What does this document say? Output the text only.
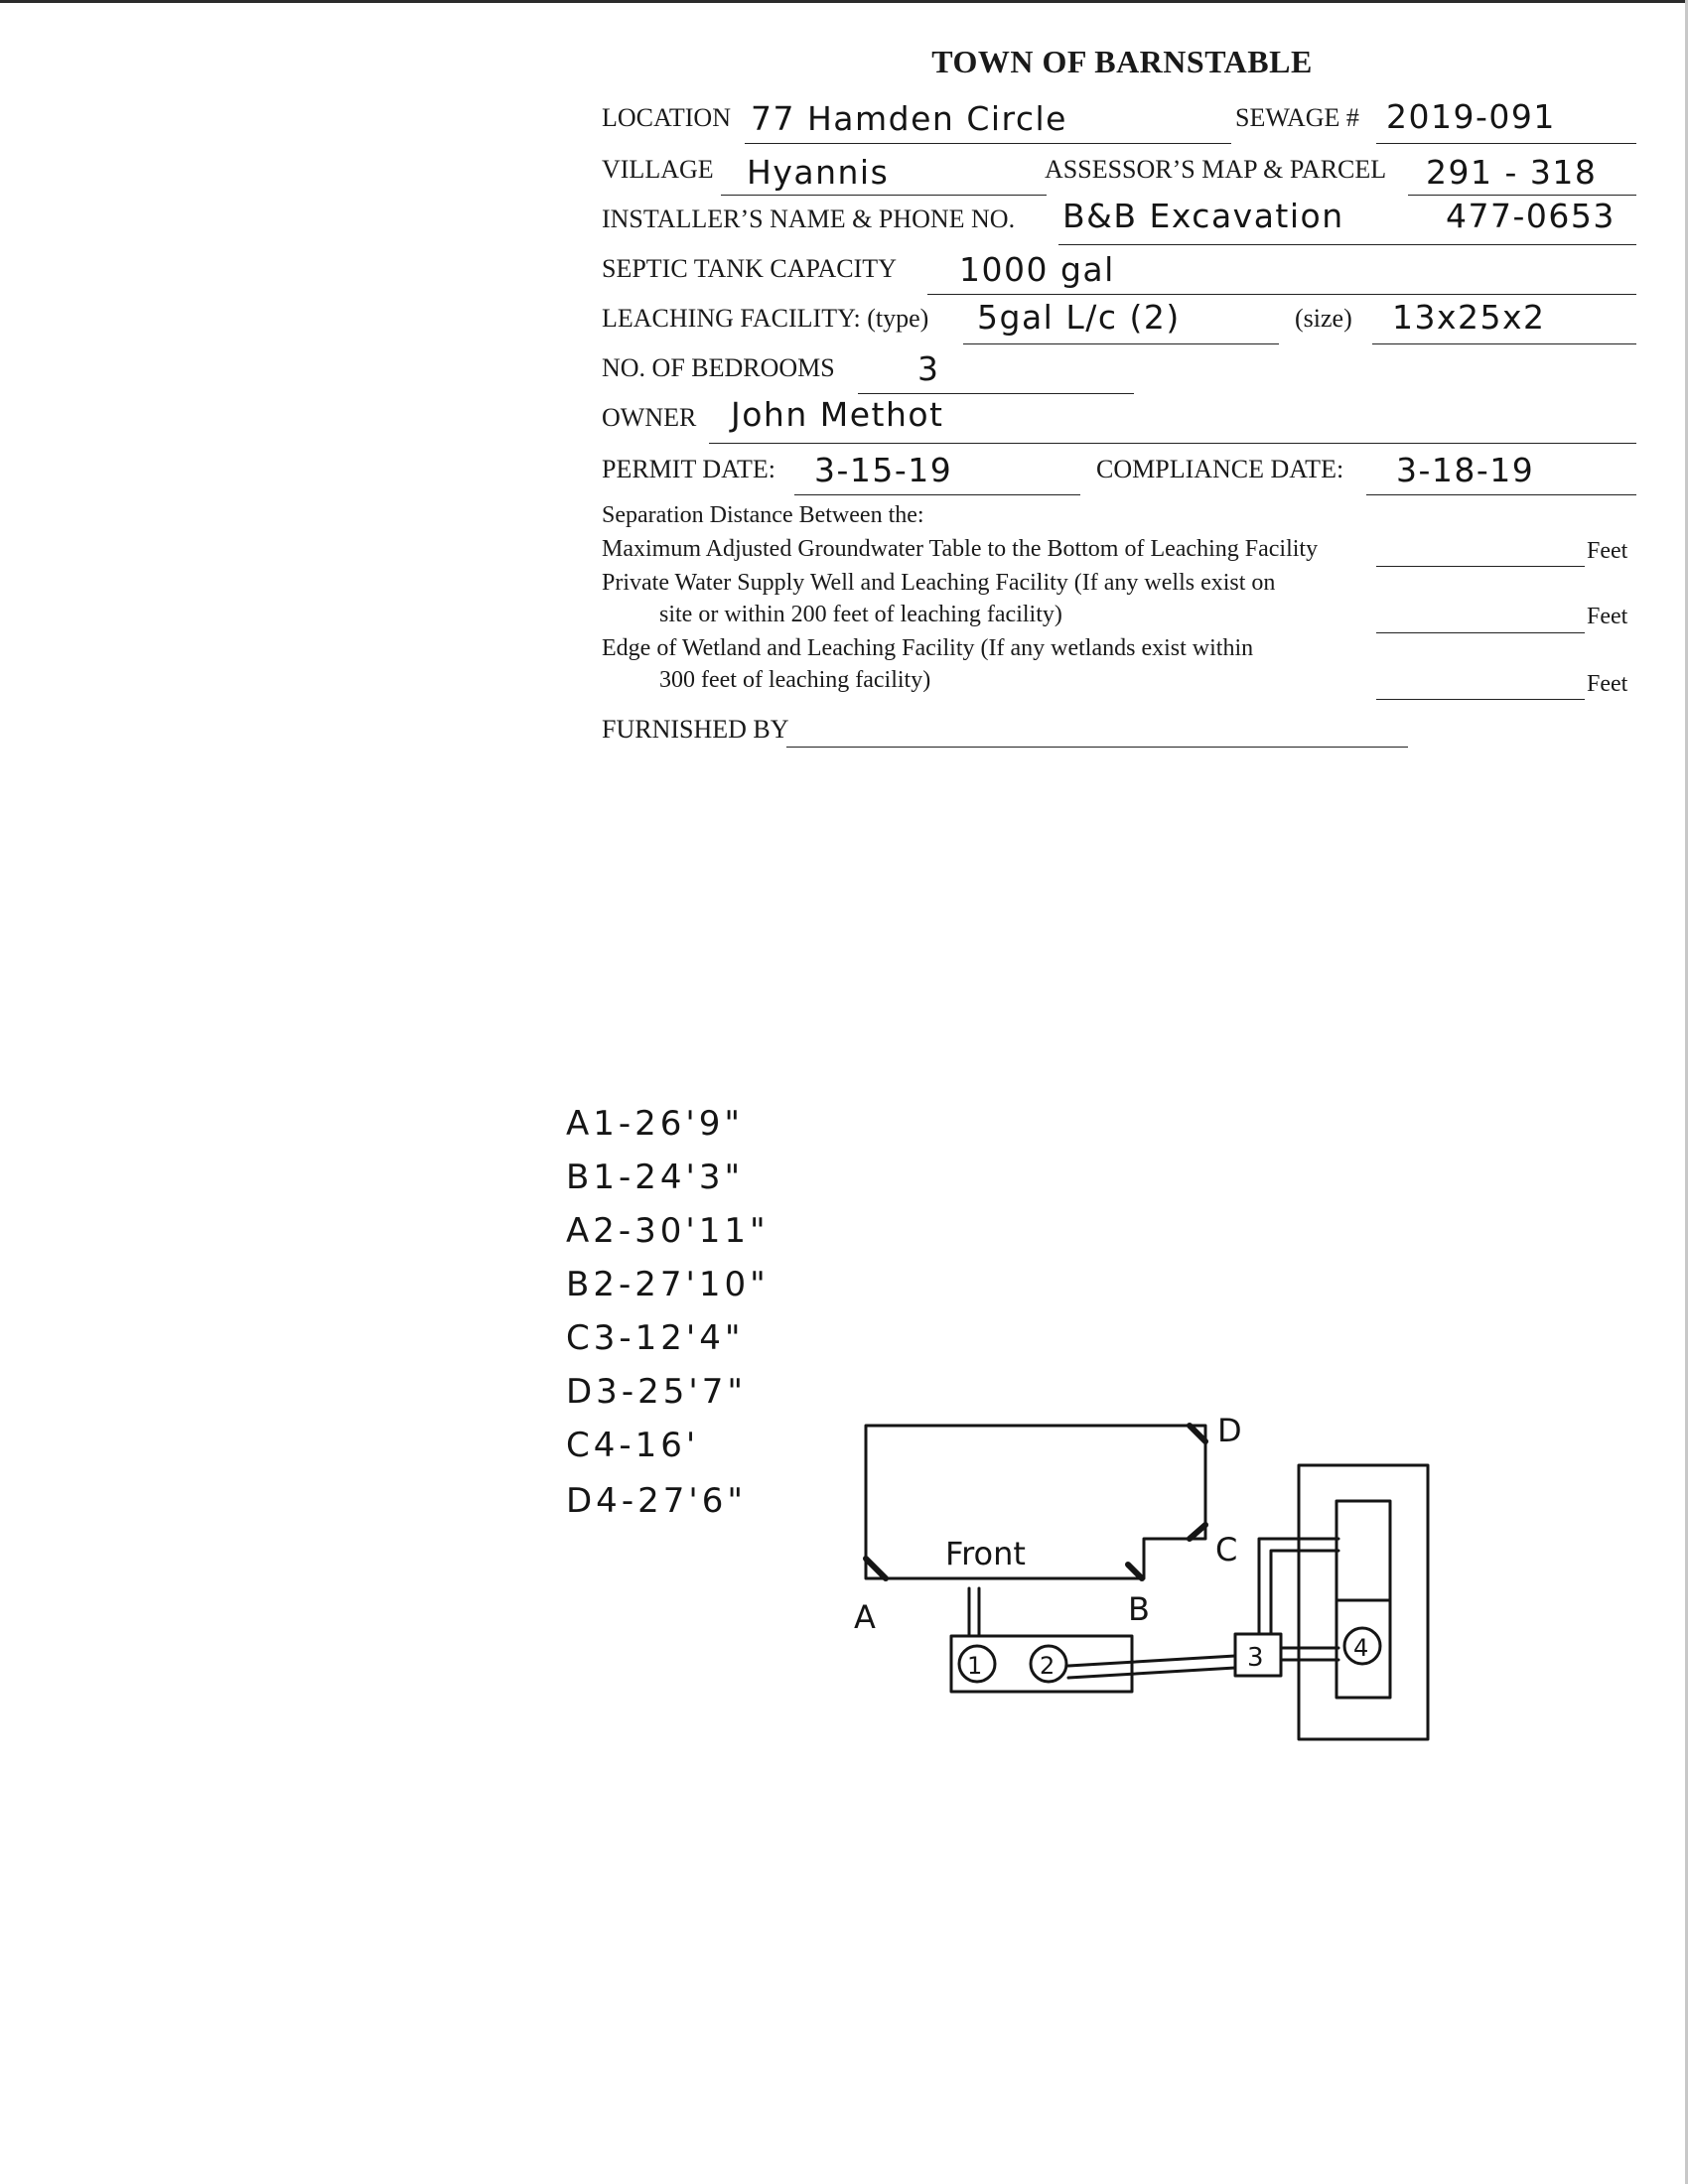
TOWN OF BARNSTABLE
LOCATION 77 Hamden Circle	SEWAGE # 2019-091
VILLAGE Hyannis	ASSESSOR’S MAP & PARCEL 291 - 318
INSTALLER’S NAME & PHONE NO. B&B Excavation	477-0653
SEPTIC TANK CAPACITY 1000 gal
LEACHING FACILITY: (type) 5gal L/c (2)	(size) 13x25x2
NO. OF BEDROOMS	3
OWNER John Methot
PERMIT DATE: 3-15-19	COMPLIANCE DATE: 3-18-19
Separation Distance Between the:
Maximum Adjusted Groundwater Table to the Bottom of Leaching Facility	Feet
Private Water Supply Well and Leaching Facility (If any wells exist on
site or within 200 feet of leaching facility)	Feet
Edge of Wetland and Leaching Facility (If any wetlands exist within
300 feet of leaching facility)	Feet
FURNISHED BY
A1-26'9"
B1-24'3"
A2-30'11"
B2-27'10"
C3-12'4"
D3-25'7"
C4-16'
D4-27'6"
Front
A	B
C
D
1 2	3	4
